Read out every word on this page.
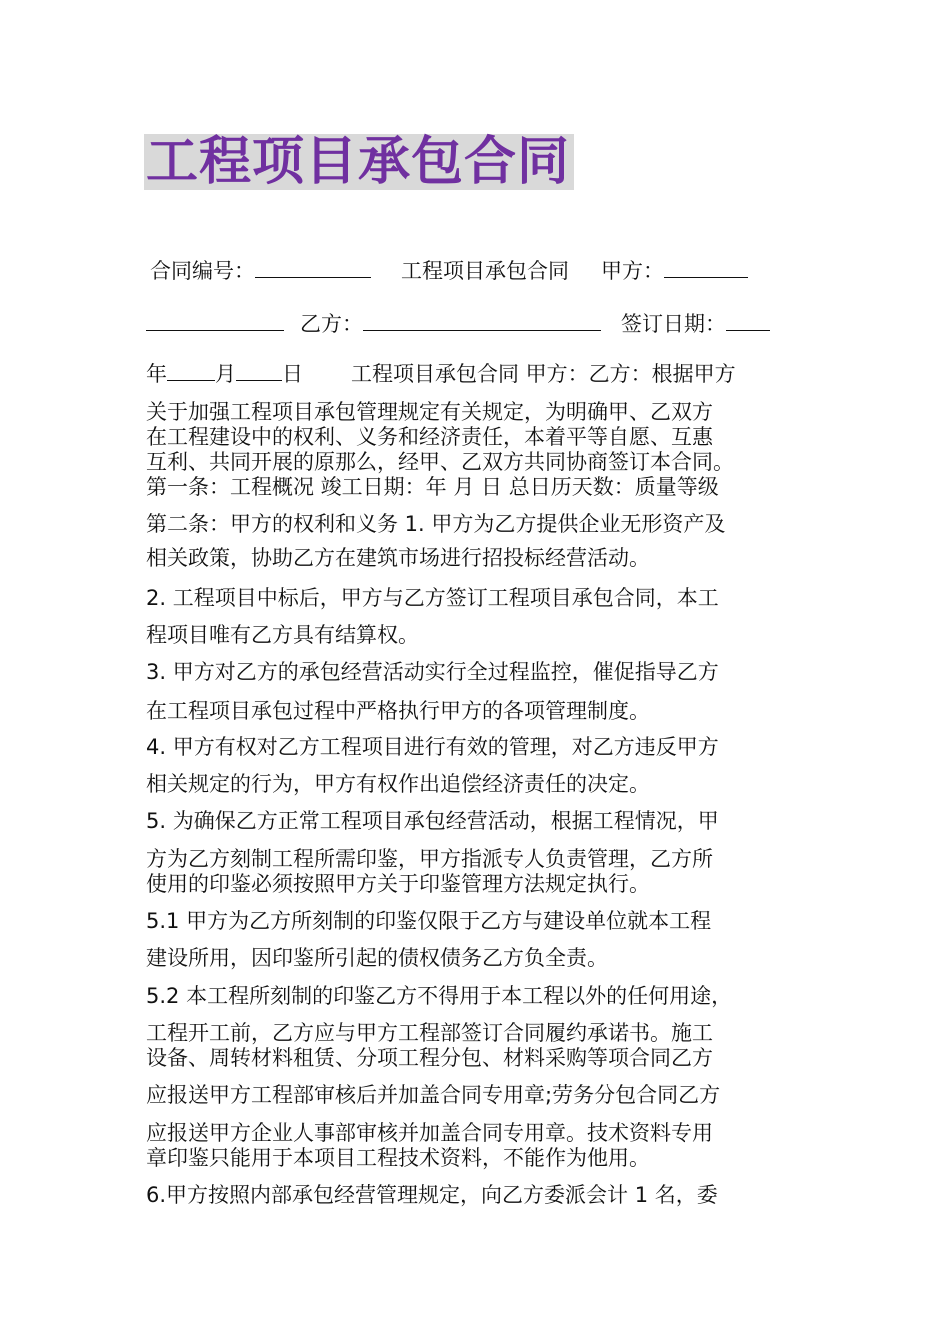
工程项目承包合同
合同编号：	工程项目承包合同 甲方：
乙方：	签订日期：
年 月 日 工程项目承包合同 甲方：乙方：根据甲方
关于加强工程项目承包管理规定有关规定，为明确甲、乙双方
在工程建设中的权利、义务和经济责任，本着平等自愿、互惠
互利、共同开展的原那么，经甲、乙双方共同协商签订本合同。
第一条：工程概况 竣工日期：年 月 日 总日历天数：质量等级
第二条：甲方的权利和义务 1. 甲方为乙方提供企业无形资产及
相关政策，协助乙方在建筑市场进行招投标经营活动。
2. 工程项目中标后，甲方与乙方签订工程项目承包合同，本工
程项目唯有乙方具有结算权。
3. 甲方对乙方的承包经营活动实行全过程监控，催促指导乙方
在工程项目承包过程中严格执行甲方的各项管理制度。
4. 甲方有权对乙方工程项目进行有效的管理，对乙方违反甲方
相关规定的行为，甲方有权作出追偿经济责任的决定。
5. 为确保乙方正常工程项目承包经营活动，根据工程情况，甲
方为乙方刻制工程所需印鉴，甲方指派专人负责管理，乙方所
使用的印鉴必须按照甲方关于印鉴管理方法规定执行。
5.1 甲方为乙方所刻制的印鉴仅限于乙方与建设单位就本工程
建设所用，因印鉴所引起的债权债务乙方负全责。
5.2 本工程所刻制的印鉴乙方不得用于本工程以外的任何用途，
工程开工前，乙方应与甲方工程部签订合同履约承诺书。施工
设备、周转材料租赁、分项工程分包、材料采购等项合同乙方
应报送甲方工程部审核后并加盖合同专用章;劳务分包合同乙方
应报送甲方企业人事部审核并加盖合同专用章。技术资料专用
章印鉴只能用于本项目工程技术资料，不能作为他用。
6.甲方按照内部承包经营管理规定，向乙方委派会计 1 名，委
